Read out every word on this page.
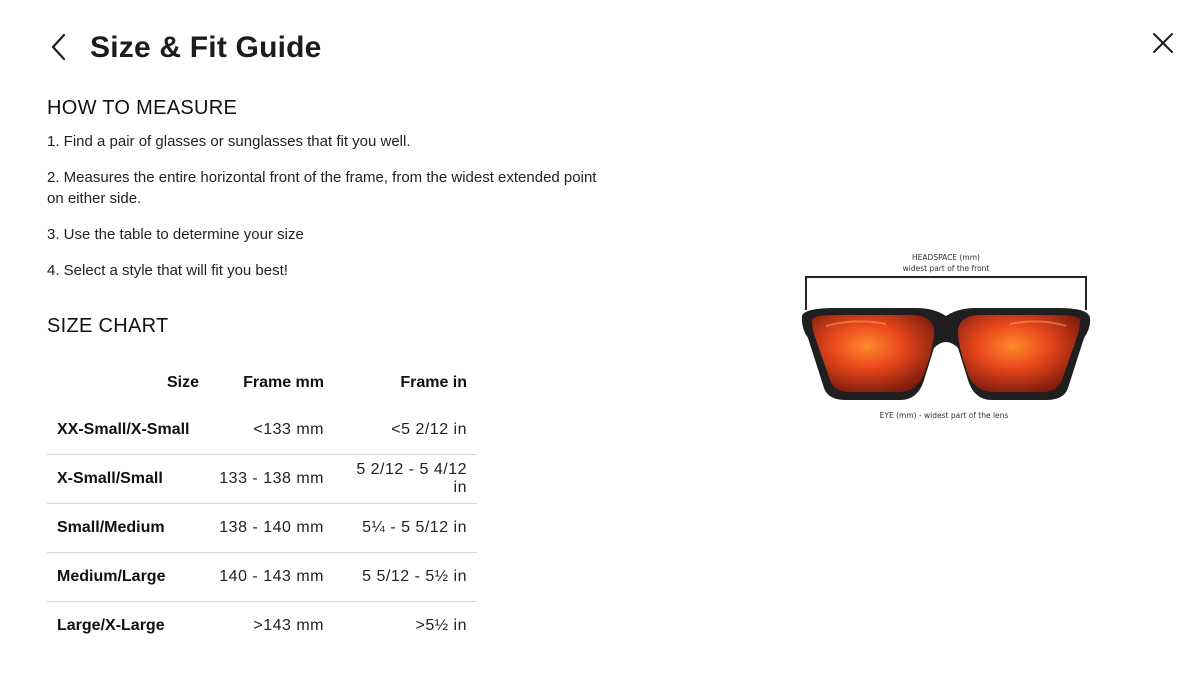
Size & Fit Guide
HOW TO MEASURE
1. Find a pair of glasses or sunglasses that fit you well.
2. Measures the entire horizontal front of the frame, from the widest extended point on either side.
3. Use the table to determine your size
4. Select a style that will fit you best!
SIZE CHART
Size	Frame mm	Frame in
XX-Small/X-Small	<133 mm	<5 2/12 in
X-Small/Small	133 - 138 mm	5 2/12 - 5 4/12 in
Small/Medium	138 - 140 mm	5¼ - 5 5/12 in
Medium/Large	140 - 143 mm	5 5/12 - 5½ in
Large/X-Large	>143 mm	>5½ in
HEADSPACE (mm)
widest part of the front
EYE (mm) - widest part of the lens
